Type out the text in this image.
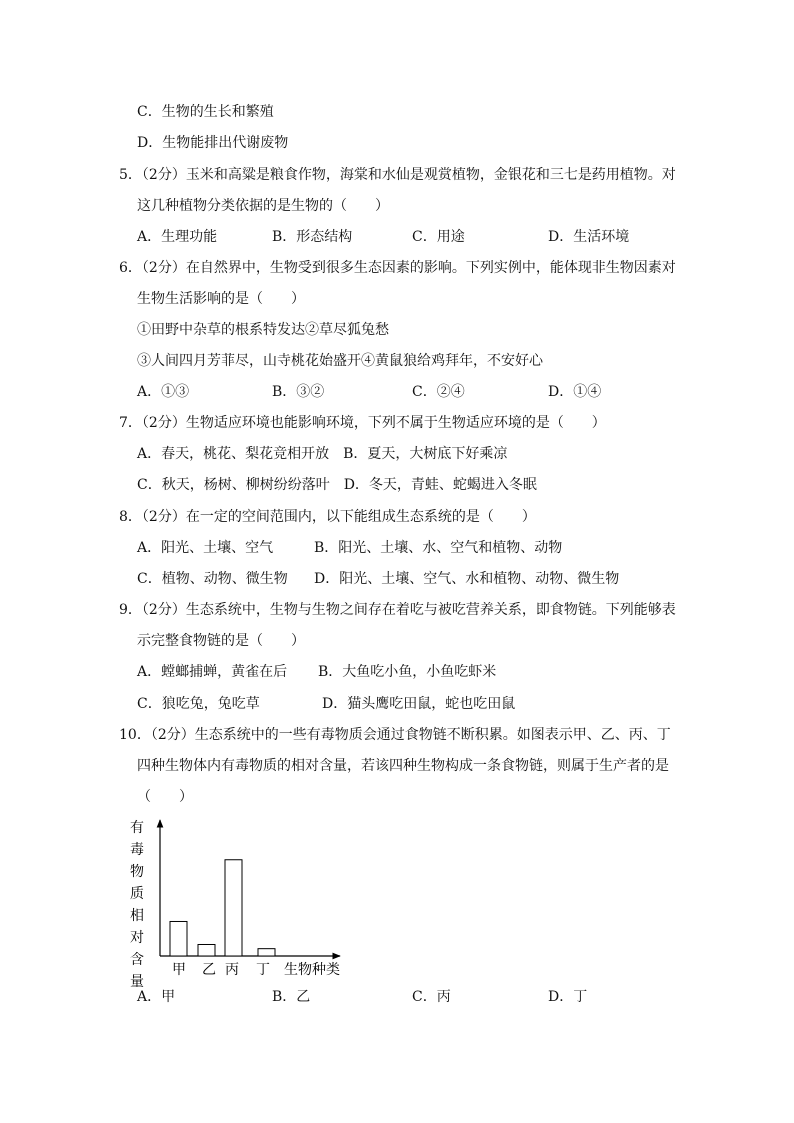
C．生物的生长和繁殖
D．生物能排出代谢废物
5．（2分）玉米和高粱是粮食作物，海棠和水仙是观赏植物，金银花和三七是药用植物。对
这几种植物分类依据的是生物的（　　）
A．生理功能	B．形态结构	C．用途	D．生活环境
6．（2分）在自然界中，生物受到很多生态因素的影响。下列实例中，能体现非生物因素对
生物生活影响的是（　　）
①田野中杂草的根系特发达②草尽狐兔愁
③人间四月芳菲尽，山寺桃花始盛开④黄鼠狼给鸡拜年，不安好心
A．①③	B．③②	C．②④	D．①④
7．（2分）生物适应环境也能影响环境，下列不属于生物适应环境的是（　　）
A．春天，桃花、梨花竞相开放　B．夏天，大树底下好乘凉
C．秋天，杨树、柳树纷纷落叶　D．冬天，青蛙、蛇蝎进入冬眠
8．（2分）在一定的空间范围内，以下能组成生态系统的是（　　）
A．阳光、土壤、空气	B．阳光、土壤、水、空气和植物、动物
C．植物、动物、微生物 D．阳光、土壤、空气、水和植物、动物、微生物
9．（2分）生态系统中，生物与生物之间存在着吃与被吃营养关系，即食物链。下列能够表
示完整食物链的是（　　）
A．螳螂捕蝉，黄雀在后 B．大鱼吃小鱼，小鱼吃虾米
C．狼吃兔，兔吃草	D．猫头鹰吃田鼠，蛇也吃田鼠
10．（2分）生态系统中的一些有毒物质会通过食物链不断积累。如图表示甲、乙、丙、丁
四种生物体内有毒物质的相对含量，若该四种生物构成一条食物链，则属于生产者的是
（　　）
有
毒
物
质
相
对
含
量
甲 乙 丙 丁 生物种类
A．甲	B．乙	C．丙	D．丁
